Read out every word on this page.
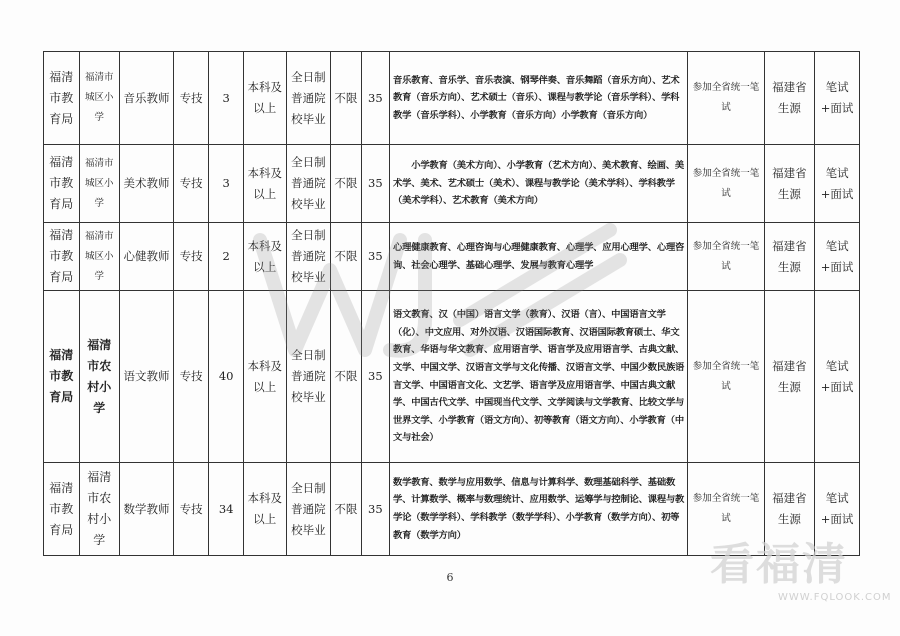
福清市教育局	福清市城区小学	音乐教师	专技	3	本科及以上	全日制普通院校毕业	不限	35	音乐教育、音乐学、音乐表演、钢琴伴奏、音乐舞蹈（音乐方向）、艺术教育（音乐方向）、艺术硕士（音乐）、课程与教学论（音乐学科）、学科教学（音乐学科）、小学教育（音乐方向）小学教育（音乐方向）	参加全省统一笔试	福建省生源	笔试+面试
福清市教育局	福清市城区小学	美术教师	专技	3	本科及以上	全日制普通院校毕业	不限	35	　　小学教育（美术方向）、小学教育（艺术方向）、美术教育、绘画、美术学、美术、艺术硕士（美术）、课程与教学论（美术学科）、学科教学（美术学科）、艺术教育（美术方向）	参加全省统一笔试	福建省生源	笔试+面试
福清市教育局	福清市城区小学	心健教师	专技	2	本科及以上	全日制普通院校毕业	不限	35	心理健康教育、心理咨询与心理健康教育、心理学、应用心理学、心理咨询、社会心理学、基础心理学、发展与教育心理学	参加全省统一笔试	福建省生源	笔试+面试
福清市教育局	福清市农村小学	语文教师	专技	40	本科及以上	全日制普通院校毕业	不限	35	语文教育、汉（中国）语言文学（教育）、汉语（言）、中国语言文学（化）、中文应用、对外汉语、汉语国际教育、汉语国际教育硕士、华文教育、华语与华文教育、应用语言学、语言学及应用语言学、古典文献、文学、中国文学、汉语言文学与文化传播、汉语言文学、中国少数民族语言文学、中国语言文化、文艺学、语言学及应用语言学、中国古典文献学、中国古代文学、中国现当代文学、文学阅读与文学教育、比较文学与世界文学、小学教育（语文方向）、初等教育（语文方向）、小学教育（中文与社会）	参加全省统一笔试	福建省生源	笔试+面试
福清市教育局	福清市农村小学	数学教师	专技	34	本科及以上	全日制普通院校毕业	不限	35	数学教育、数学与应用数学、信息与计算科学、数理基础科学、基础数学、计算数学、概率与数理统计、应用数学、运筹学与控制论、课程与教学论（数学学科）、学科教学（数学学科）、小学教育（数学方向）、初等教育（数学方向）	参加全省统一笔试	福建省生源	笔试+面试
6	看福清
WWW.FQLOOK.COM
